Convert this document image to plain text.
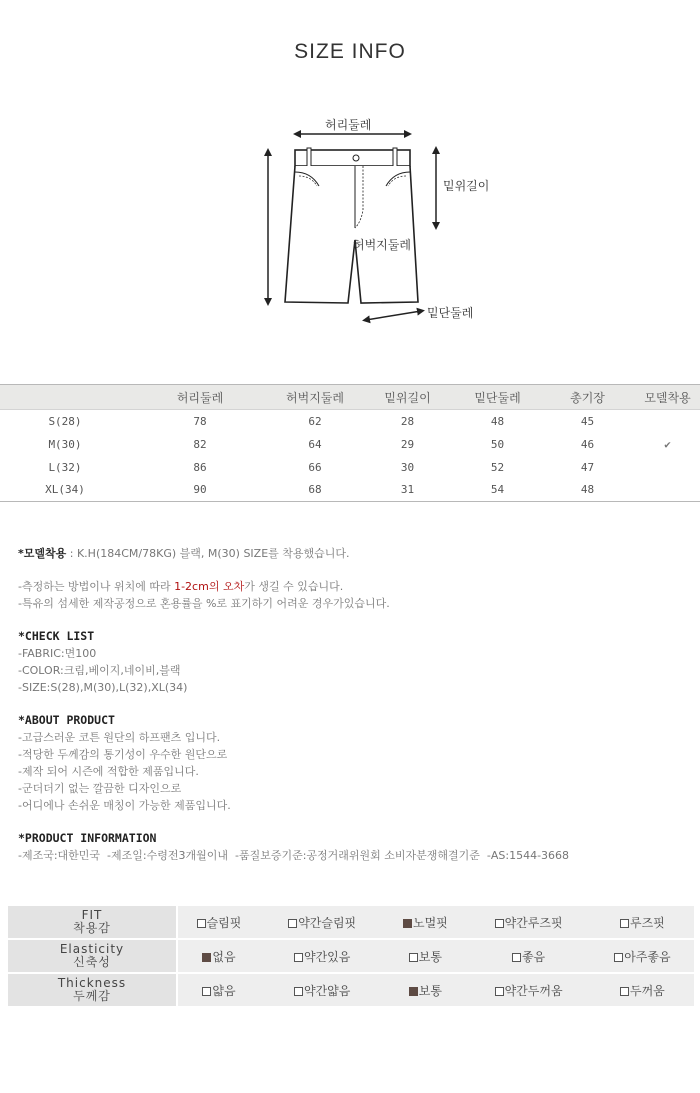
SIZE INFO
허리둘레
밑위길이
허벅지둘레
밑단둘레
	허리둘레	허벅지둘레	밑위길이	밑단둘레	총기장	모델착용
S(28)	78	62	28	48	45	
M(30)	82	64	29	50	46	✔
L(32)	86	66	30	52	47	
XL(34)	90	68	31	54	48	
*모델착용 : K.H(184CM/78KG) 블랙, M(30) SIZE를 착용했습니다.
-측정하는 방법이나 위치에 따라 1-2cm의 오차가 생길 수 있습니다.
-특유의 섬세한 제작공정으로 혼용률을 %로 표기하기 어려운 경우가있습니다.
*CHECK LIST
-FABRIC:면100
-COLOR:크림,베이지,네이비,블랙
-SIZE:S(28),M(30),L(32),XL(34)
*ABOUT PRODUCT
-고급스러운 코튼 원단의 하프팬츠 입니다.
-적당한 두께감의 통기성이 우수한 원단으로
-제작 되어 시즌에 적합한 제품입니다.
-군더더기 없는 깔끔한 디자인으로
-어디에나 손쉬운 매칭이 가능한 제품입니다.
*PRODUCT INFORMATION
-제조국:대한민국  -제조일:수령전3개월이내  -품질보증기준:공정거래위원회 소비자분쟁해결기준  -AS:1544-3668
FIT
착용감	슬림핏	약간슬림핏	노멀핏	약간루즈핏	루즈핏

Elasticity
신축성	없음	약간있음	보통	좋음	아주좋음

Thickness
두께감	얇음	약간얇음	보통	약간두꺼움	두꺼움
